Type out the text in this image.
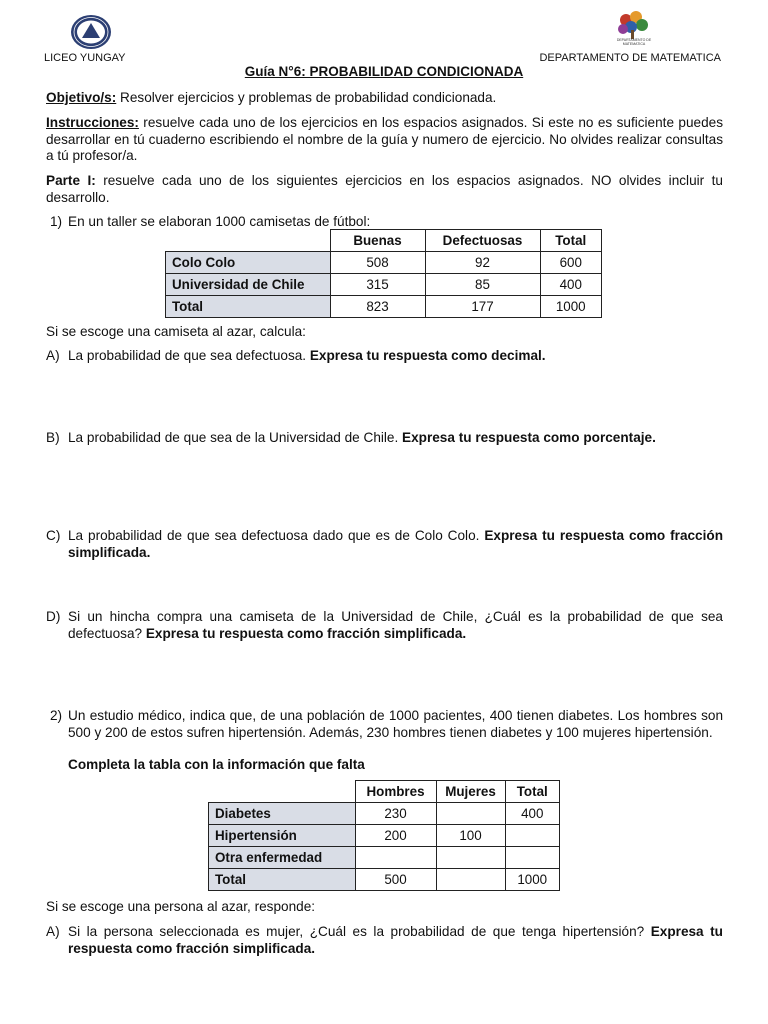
LICEO YUNGAY
DEPARTAMENTO DE MATEMATICA
DEPARTAMENTO DE MATEMATICA
Guía N°6: PROBABILIDAD CONDICIONADA
Objetivo/s: Resolver ejercicios y problemas de probabilidad condicionada.
Instrucciones: resuelve cada uno de los ejercicios en los espacios asignados. Si este no es suficiente puedes desarrollar en tú cuaderno escribiendo el nombre de la guía y numero de ejercicio. No olvides realizar consultas a tú profesor/a.
Parte I: resuelve cada uno de los siguientes ejercicios en los espacios asignados. NO olvides incluir tu desarrollo.
1) En un taller se elaboran 1000 camisetas de fútbol:
	Buenas	Defectuosas	Total
Colo Colo	508	92	600
Universidad de Chile	315	85	400
Total	823	177	1000
Si se escoge una camiseta al azar, calcula:
A) La probabilidad de que sea defectuosa. Expresa tu respuesta como decimal.
B) La probabilidad de que sea de la Universidad de Chile. Expresa tu respuesta como porcentaje.
C) La probabilidad de que sea defectuosa dado que es de Colo Colo. Expresa tu respuesta como fracción simplificada.
D) Si un hincha compra una camiseta de la Universidad de Chile, ¿Cuál es la probabilidad de que sea defectuosa? Expresa tu respuesta como fracción simplificada.
2) Un estudio médico, indica que, de una población de 1000 pacientes, 400 tienen diabetes. Los hombres son 500 y 200 de estos sufren hipertensión. Además, 230 hombres tienen diabetes y 100 mujeres hipertensión.
Completa la tabla con la información que falta
	Hombres	Mujeres	Total
Diabetes	230		400
Hipertensión	200	100	
Otra enfermedad			
Total	500		1000
Si se escoge una persona al azar, responde:
A) Si la persona seleccionada es mujer, ¿Cuál es la probabilidad de que tenga hipertensión? Expresa tu respuesta como fracción simplificada.
